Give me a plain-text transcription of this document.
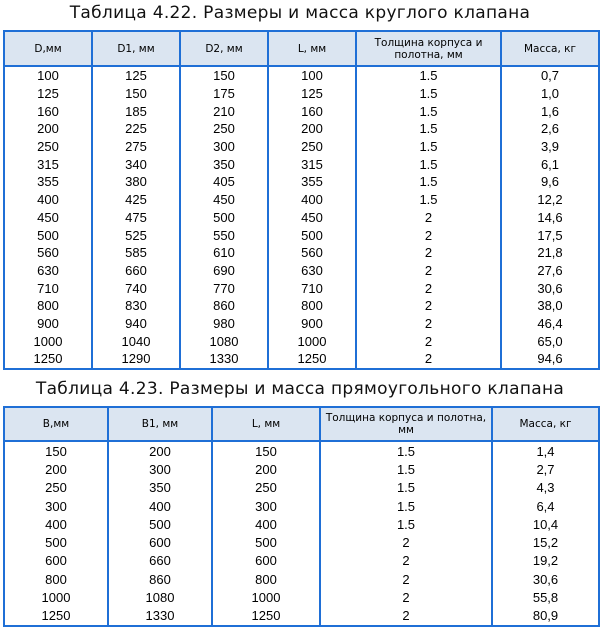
Таблица 4.22. Размеры и масса круглого клапана
D,мм	D1, мм	D2, мм	L, мм	Толщина корпуса и полотна, мм	Масса, кг
100	125	150	100	1.5	0,7
125	150	175	125	1.5	1,0
160	185	210	160	1.5	1,6
200	225	250	200	1.5	2,6
250	275	300	250	1.5	3,9
315	340	350	315	1.5	6,1
355	380	405	355	1.5	9,6
400	425	450	400	1.5	12,2
450	475	500	450	2	14,6
500	525	550	500	2	17,5
560	585	610	560	2	21,8
630	660	690	630	2	27,6
710	740	770	710	2	30,6
800	830	860	800	2	38,0
900	940	980	900	2	46,4
1000	1040	1080	1000	2	65,0
1250	1290	1330	1250	2	94,6
Таблица 4.23. Размеры и масса прямоугольного клапана
B,мм	B1, мм	L, мм	Толщина корпуса и полотна, мм	Масса, кг
150	200	150	1.5	1,4
200	300	200	1.5	2,7
250	350	250	1.5	4,3
300	400	300	1.5	6,4
400	500	400	1.5	10,4
500	600	500	2	15,2
600	660	600	2	19,2
800	860	800	2	30,6
1000	1080	1000	2	55,8
1250	1330	1250	2	80,9
